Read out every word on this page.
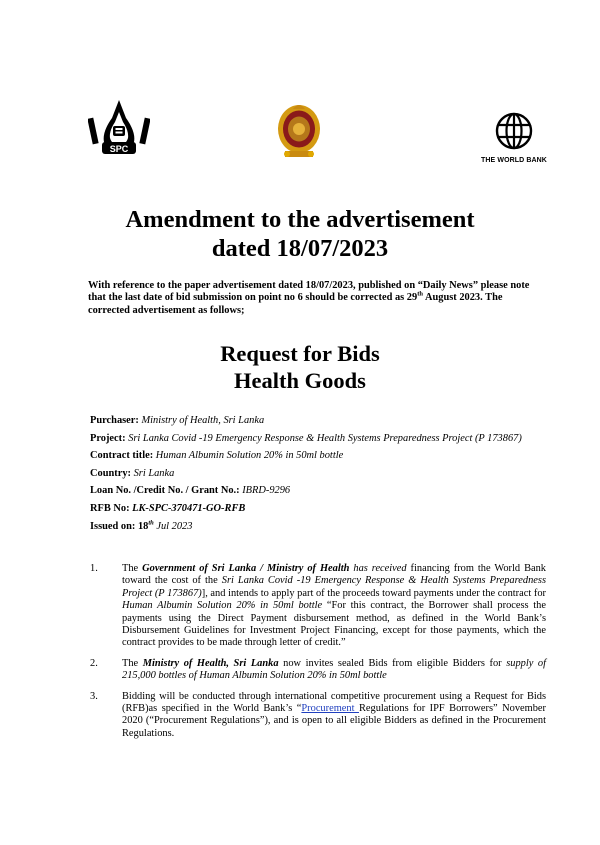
SPC
THE WORLD BANK
Amendment to the advertisement
dated 18/07/2023

With reference to the paper advertisement dated 18/07/2023, published on “Daily News” please note that the last date of bid submission on point no 6 should be corrected as 29th August 2023. The corrected advertisement as follows;

Request for Bids
Health Goods

Purchaser: Ministry of Health, Sri Lanka

Project: Sri Lanka Covid -19 Emergency Response & Health Systems Preparedness Project (P 173867)

Contract title: Human Albumin Solution 20% in 50ml bottle

Country: Sri Lanka

Loan No. /Credit No. / Grant No.: IBRD-9296

RFB No: LK-SPC-370471-GO-RFB

Issued on: 18th Jul 2023

1. The Government of Sri Lanka / Ministry of Health has received financing from the World Bank toward the cost of the Sri Lanka Covid -19 Emergency Response & Health Systems Preparedness Project (P 173867)], and intends to apply part of the proceeds toward payments under the contract for Human Albumin Solution 20% in 50ml bottle “For this contract, the Borrower shall process the payments using the Direct Payment disbursement method, as defined in the World Bank’s Disbursement Guidelines for Investment Project Financing, except for those payments, which the contract provides to be made through letter of credit.”

2. The Ministry of Health, Sri Lanka now invites sealed Bids from eligible Bidders for supply of 215,000 bottles of Human Albumin Solution 20% in 50ml bottle

3. Bidding will be conducted through international competitive procurement using a Request for Bids (RFB)as specified in the World Bank’s “Procurement Regulations for IPF Borrowers” November 2020 (“Procurement Regulations”), and is open to all eligible Bidders as defined in the Procurement Regulations.
